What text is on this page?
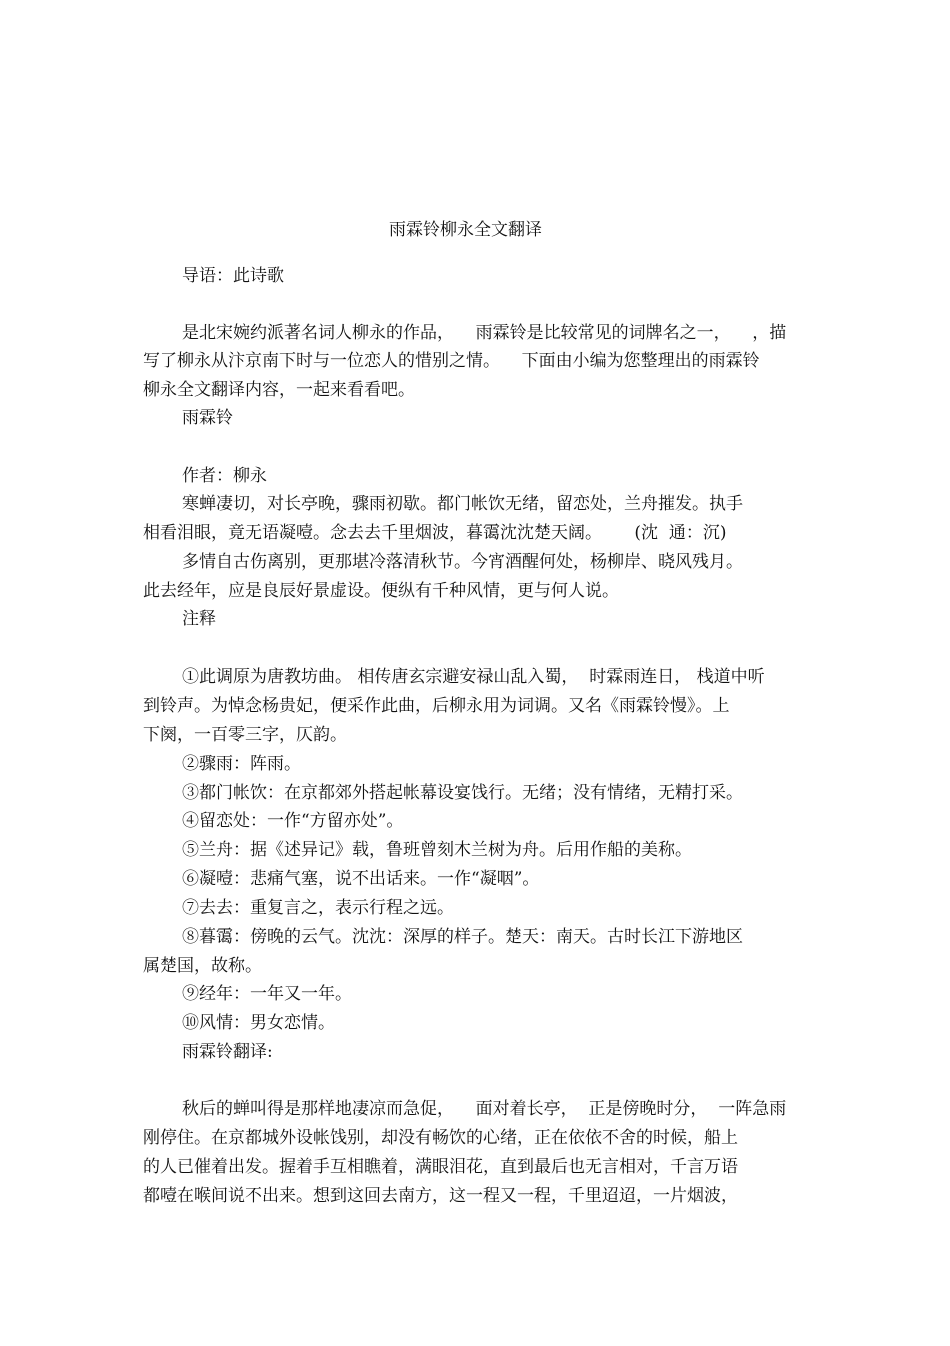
雨霖铃柳永全文翻译
导语：此诗歌
是北宋婉约派著名词人柳永的作品，    雨霖铃是比较常见的词牌名之一，    ，描
写了柳永从汴京南下时与一位恋人的惜别之情。    下面由小编为您整理出的雨霖铃
柳永全文翻译内容，一起来看看吧。
雨霖铃
作者：柳永
寒蝉凄切，对长亭晚，骤雨初歇。都门帐饮无绪，留恋处，兰舟摧发。执手
相看泪眼，竟无语凝噎。念去去千里烟波，暮霭沈沈楚天阔。      (沈  通：沉)
多情自古伤离别，更那堪冷落清秋节。今宵酒醒何处，杨柳岸、晓风残月。
此去经年，应是良辰好景虚设。便纵有千种风情，更与何人说。
注释
①此调原为唐教坊曲。 相传唐玄宗避安禄山乱入蜀，  时霖雨连日， 栈道中听
到铃声。为悼念杨贵妃，便采作此曲，后柳永用为词调。又名《雨霖铃慢》。上
下阕，一百零三字，仄韵。
②骤雨：阵雨。
③都门帐饮：在京都郊外搭起帐幕设宴饯行。无绪；没有情绪，无精打采。
④留恋处：一作“方留亦处”。
⑤兰舟：据《述异记》载，鲁班曾刻木兰树为舟。后用作船的美称。
⑥凝噎：悲痛气塞，说不出话来。一作“凝咽”。
⑦去去：重复言之，表示行程之远。
⑧暮霭：傍晚的云气。沈沈：深厚的样子。楚天：南天。古时长江下游地区
属楚国，故称。
⑨经年：一年又一年。
⑩风情：男女恋情。
雨霖铃翻译:
秋后的蝉叫得是那样地凄凉而急促，    面对着长亭，  正是傍晚时分，  一阵急雨
刚停住。在京都城外设帐饯别，却没有畅饮的心绪，正在依依不舍的时候，船上
的人已催着出发。握着手互相瞧着，满眼泪花，直到最后也无言相对，千言万语
都噎在喉间说不出来。想到这回去南方，这一程又一程，千里迢迢，一片烟波，
